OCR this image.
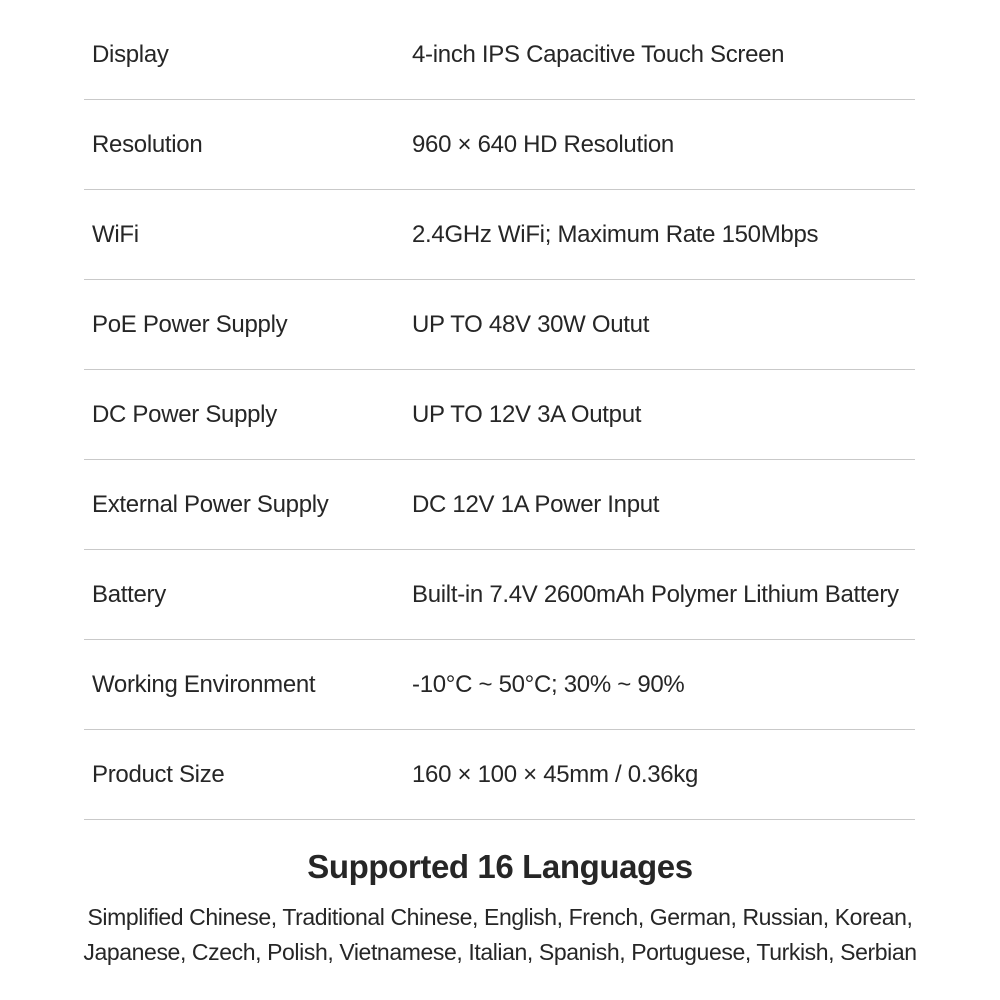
Display	4-inch IPS Capacitive Touch Screen
Resolution	960 × 640 HD Resolution
WiFi	2.4GHz WiFi; Maximum Rate 150Mbps
PoE Power Supply	UP TO 48V 30W Outut
DC Power Supply	UP TO 12V 3A Output
External Power Supply	DC 12V 1A Power Input
Battery	Built-in 7.4V 2600mAh Polymer Lithium Battery
Working Environment	-10°C ~ 50°C; 30% ~ 90%
Product Size	160 × 100 × 45mm / 0.36kg
Supported 16 Languages
Simplified Chinese, Traditional Chinese, English, French, German, Russian, Korean,
Japanese, Czech, Polish, Vietnamese, Italian, Spanish, Portuguese, Turkish, Serbian
